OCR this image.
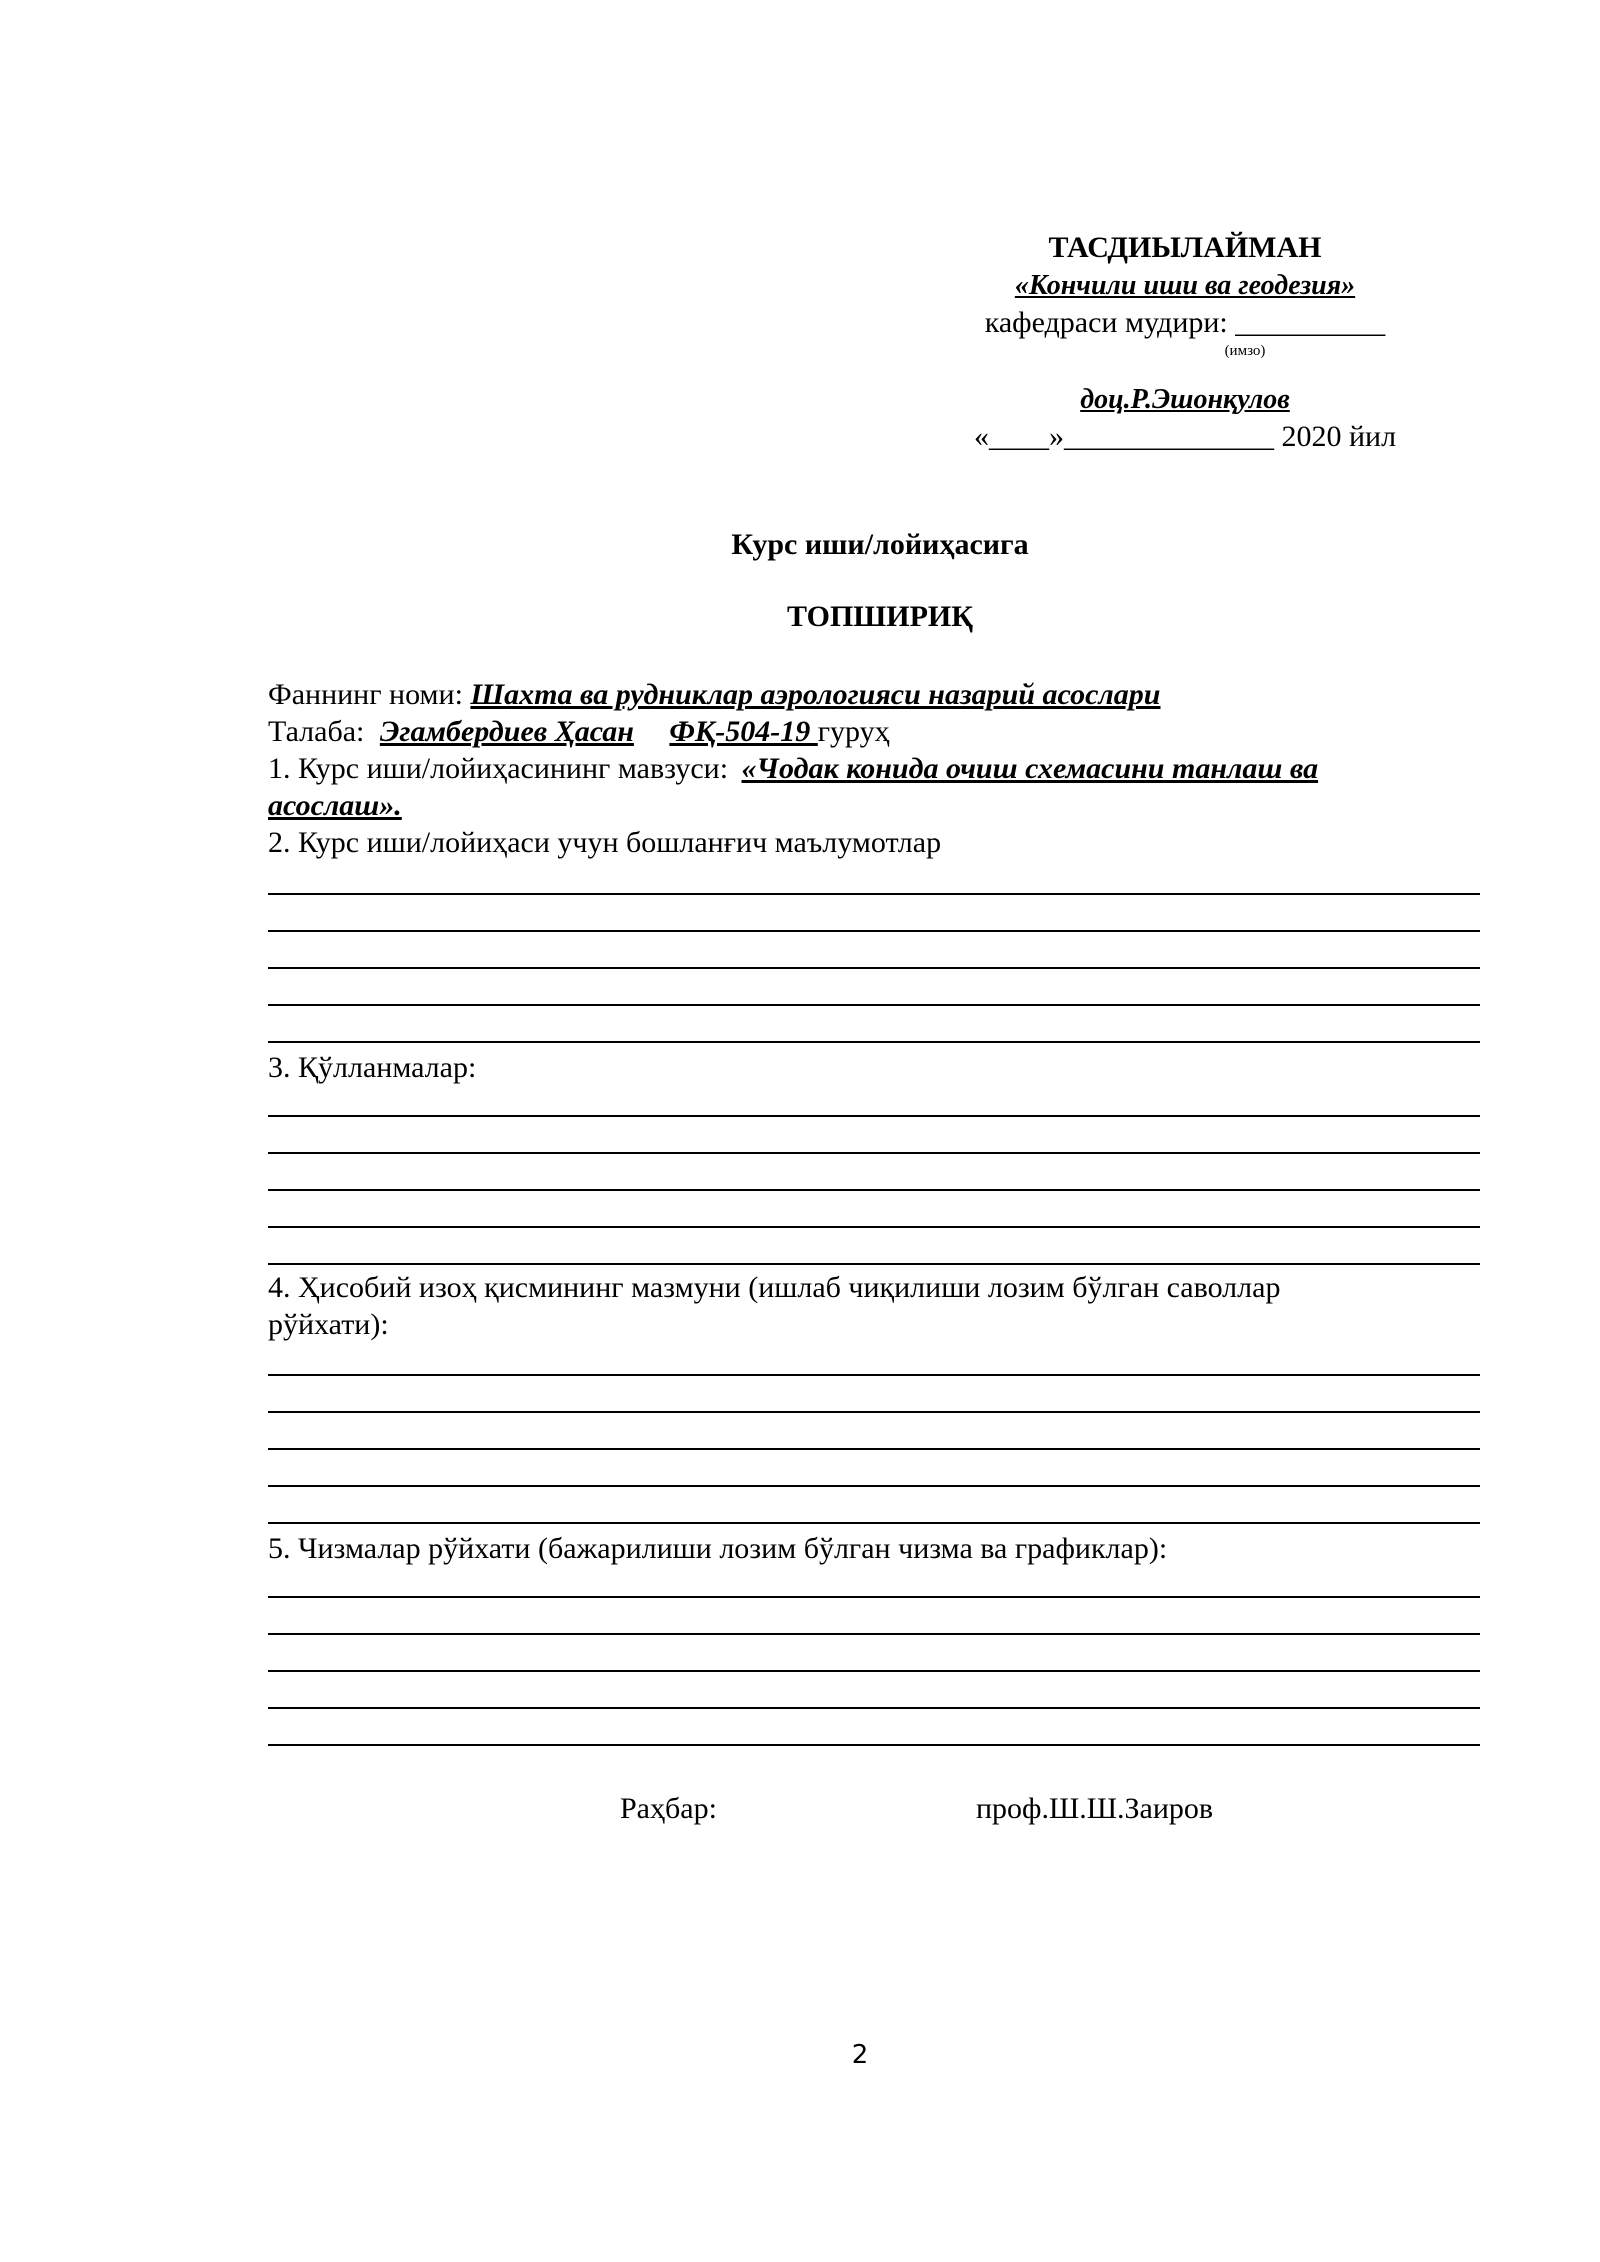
ТАСДИЫЛАЙМАН
«Кончили иши ва геодезия»
кафедраси мудири: __________
(имзо)
доц.Р.Эшонқулов
«____»______________ 2020 йил
Курс иши/лойиҳасига
ТОПШИРИҚ
Фаннинг номи: Шахта ва рудниклар аэрологияси назарий асослари
Талаба: Эгамбердиев Ҳасан ФҚ-504-19 гуруҳ
1. Курс иши/лойиҳасининг мавзуси: «Чодак конида очиш схемасини танлаш ва
асослаш».
2. Курс иши/лойиҳаси учун бошланғич маълумотлар
3. Қўлланмалар:
4. Ҳисобий изоҳ қисмининг мазмуни (ишлаб чиқилиши лозим бўлган саволлар
рўйхати):
5. Чизмалар рўйхати (бажарилиши лозим бўлган чизма ва графиклар):
Раҳбар:	проф.Ш.Ш.Заиров
2
